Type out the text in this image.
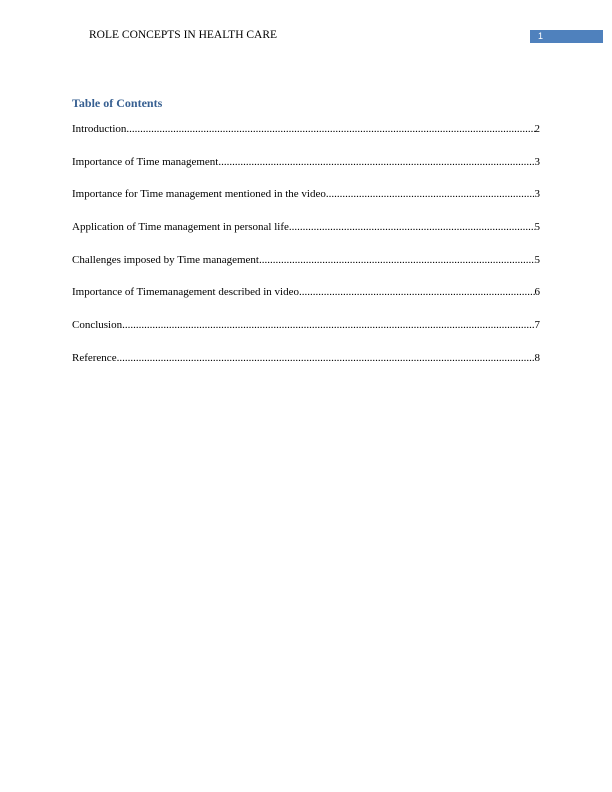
ROLE CONCEPTS IN HEALTH CARE	1
Table of Contents
Introduction .....	2
Importance of Time management .....	3
Importance for Time management mentioned in the video .....	3
Application of Time management in personal life .....	5
Challenges imposed by Time management .....	5
Importance of Timemanagement described in video .....	6
Conclusion .....	7
Reference .....	8
